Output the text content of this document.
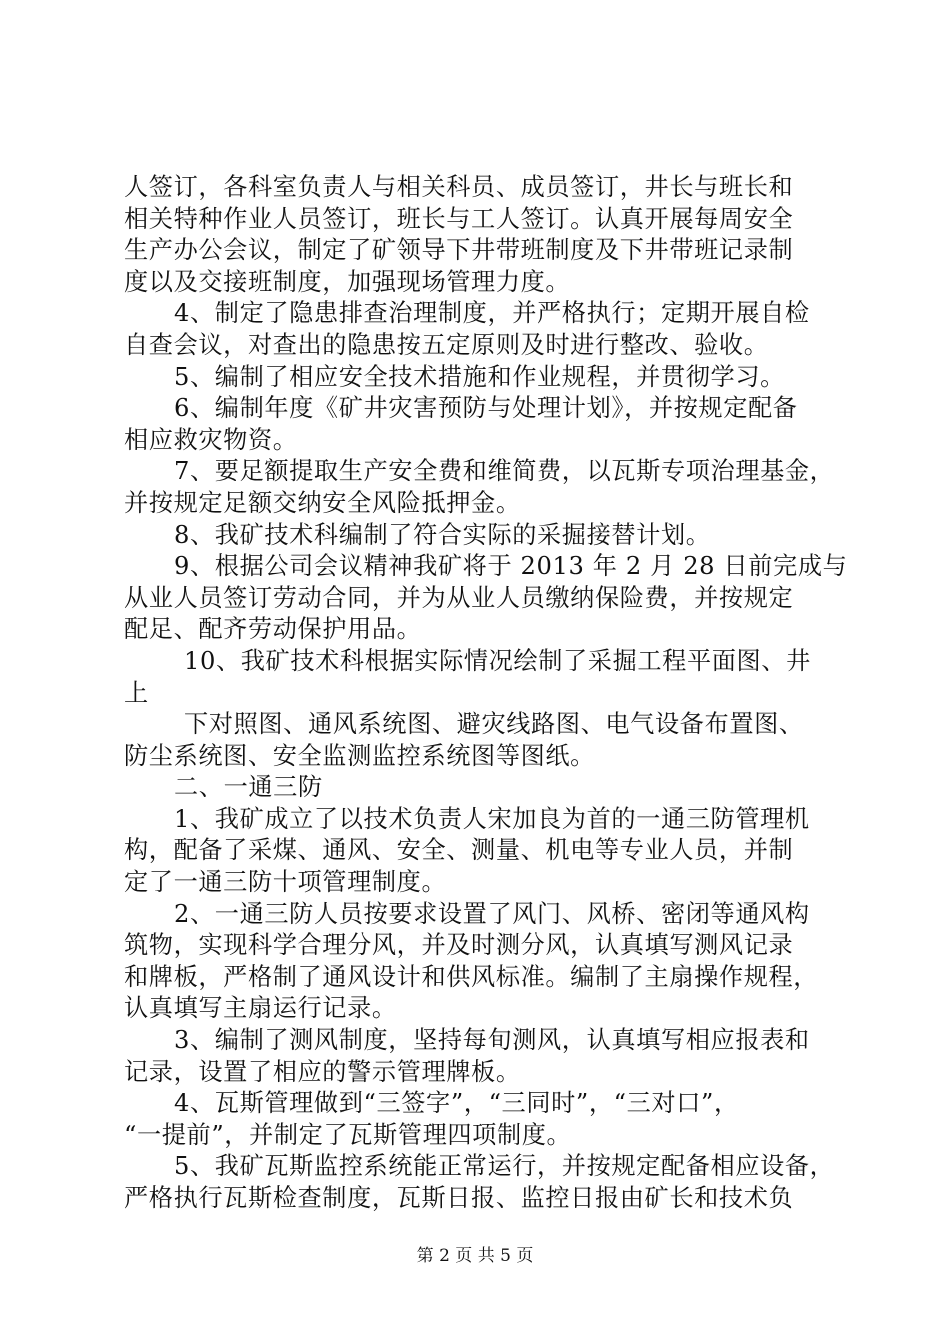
人签订，各科室负责人与相关科员、成员签订，井长与班长和
相关特种作业人员签订，班长与工人签订。认真开展每周安全
生产办公会议，制定了矿领导下井带班制度及下井带班记录制
度以及交接班制度，加强现场管理力度。
4、制定了隐患排查治理制度，并严格执行；定期开展自检
自查会议，对查出的隐患按五定原则及时进行整改、验收。
5、编制了相应安全技术措施和作业规程，并贯彻学习。
6、编制年度《矿井灾害预防与处理计划》，并按规定配备
相应救灾物资。
7、要足额提取生产安全费和维简费，以瓦斯专项治理基金，
并按规定足额交纳安全风险抵押金。
8、我矿技术科编制了符合实际的采掘接替计划。
9、根据公司会议精神我矿将于 2013 年 2 月 28 日前完成与
从业人员签订劳动合同，并为从业人员缴纳保险费，并按规定
配足、配齐劳动保护用品。
10、我矿技术科根据实际情况绘制了采掘工程平面图、井
上
下对照图、通风系统图、避灾线路图、电气设备布置图、
防尘系统图、安全监测监控系统图等图纸。
二、一通三防
1、我矿成立了以技术负责人宋加良为首的一通三防管理机
构，配备了采煤、通风、安全、测量、机电等专业人员，并制
定了一通三防十项管理制度。
2、一通三防人员按要求设置了风门、风桥、密闭等通风构
筑物，实现科学合理分风，并及时测分风，认真填写测风记录
和牌板，严格制了通风设计和供风标准。编制了主扇操作规程，
认真填写主扇运行记录。
3、编制了测风制度，坚持每旬测风，认真填写相应报表和
记录，设置了相应的警示管理牌板。
4、瓦斯管理做到“三签字”，“三同时”，“三对口”，
“一提前”，并制定了瓦斯管理四项制度。
5、我矿瓦斯监控系统能正常运行，并按规定配备相应设备，
严格执行瓦斯检查制度，瓦斯日报、监控日报由矿长和技术负
第 2 页 共 5 页
